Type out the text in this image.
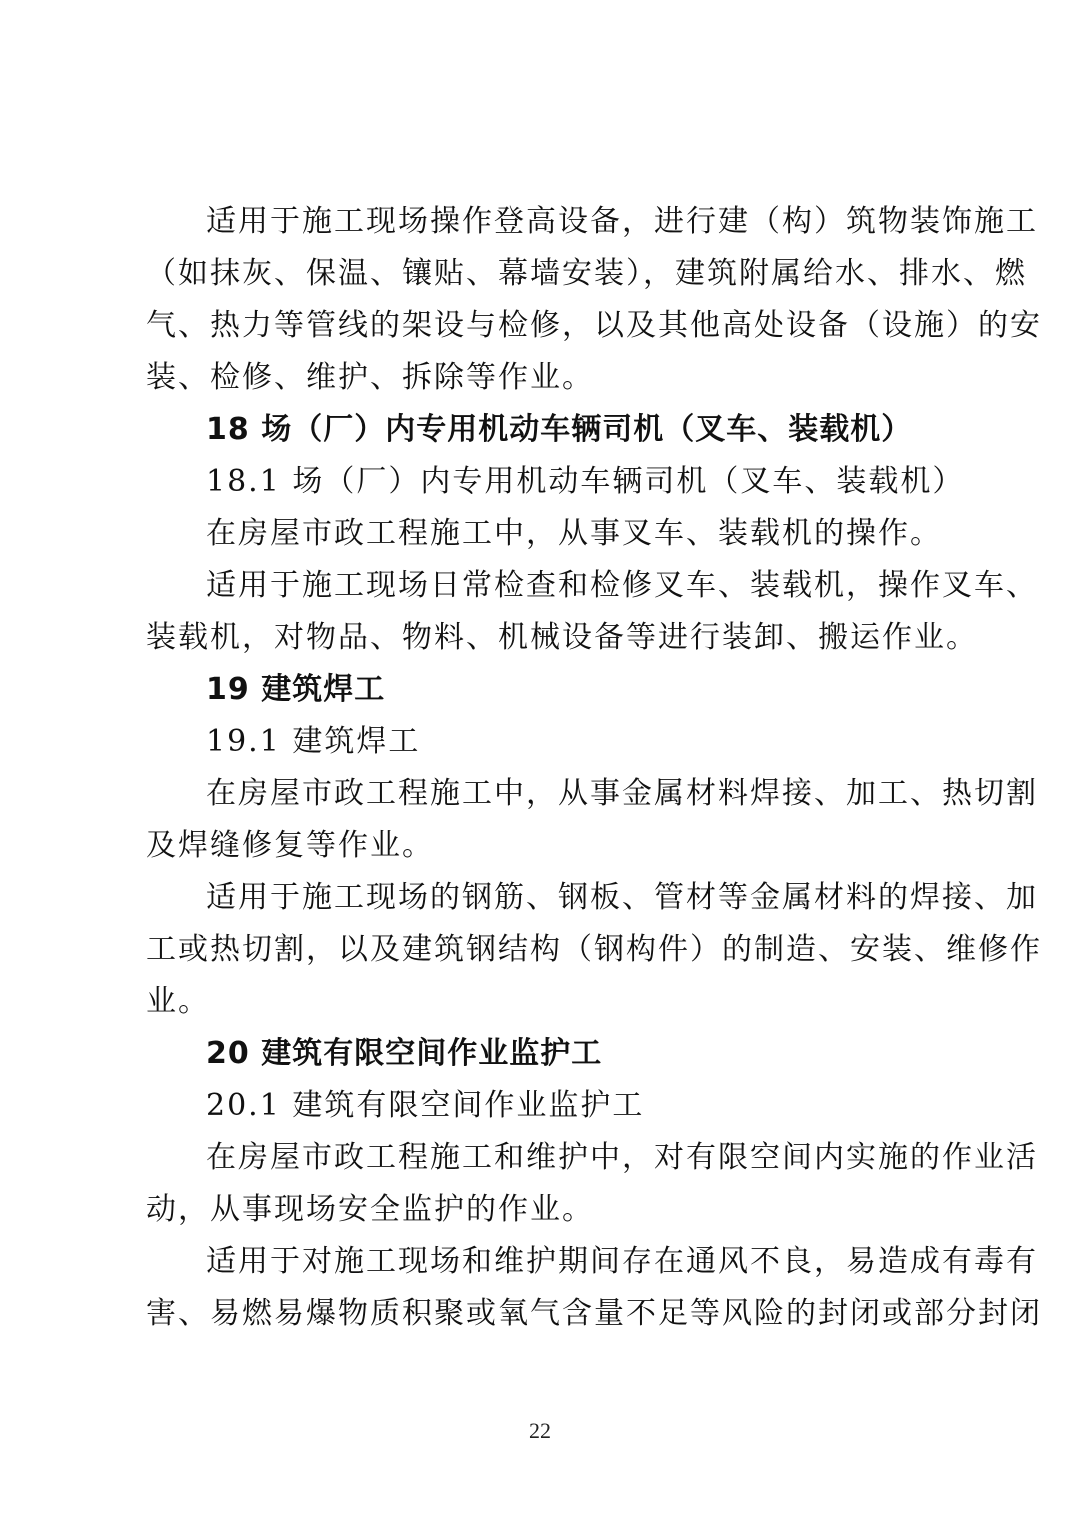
适用于施工现场操作登高设备，进行建（构）筑物装饰施工
（如抹灰、保温、镶贴、幕墙安装），建筑附属给水、排水、燃
气、热力等管线的架设与检修，以及其他高处设备（设施）的安
装、检修、维护、拆除等作业。
18 场（厂）内专用机动车辆司机（叉车、装载机）
18.1 场（厂）内专用机动车辆司机（叉车、装载机）
在房屋市政工程施工中，从事叉车、装载机的操作。
适用于施工现场日常检查和检修叉车、装载机，操作叉车、
装载机，对物品、物料、机械设备等进行装卸、搬运作业。
19 建筑焊工
19.1 建筑焊工
在房屋市政工程施工中，从事金属材料焊接、加工、热切割
及焊缝修复等作业。
适用于施工现场的钢筋、钢板、管材等金属材料的焊接、加
工或热切割，以及建筑钢结构（钢构件）的制造、安装、维修作
业。
20 建筑有限空间作业监护工
20.1 建筑有限空间作业监护工
在房屋市政工程施工和维护中，对有限空间内实施的作业活
动，从事现场安全监护的作业。
适用于对施工现场和维护期间存在通风不良，易造成有毒有
害、易燃易爆物质积聚或氧气含量不足等风险的封闭或部分封闭
22
